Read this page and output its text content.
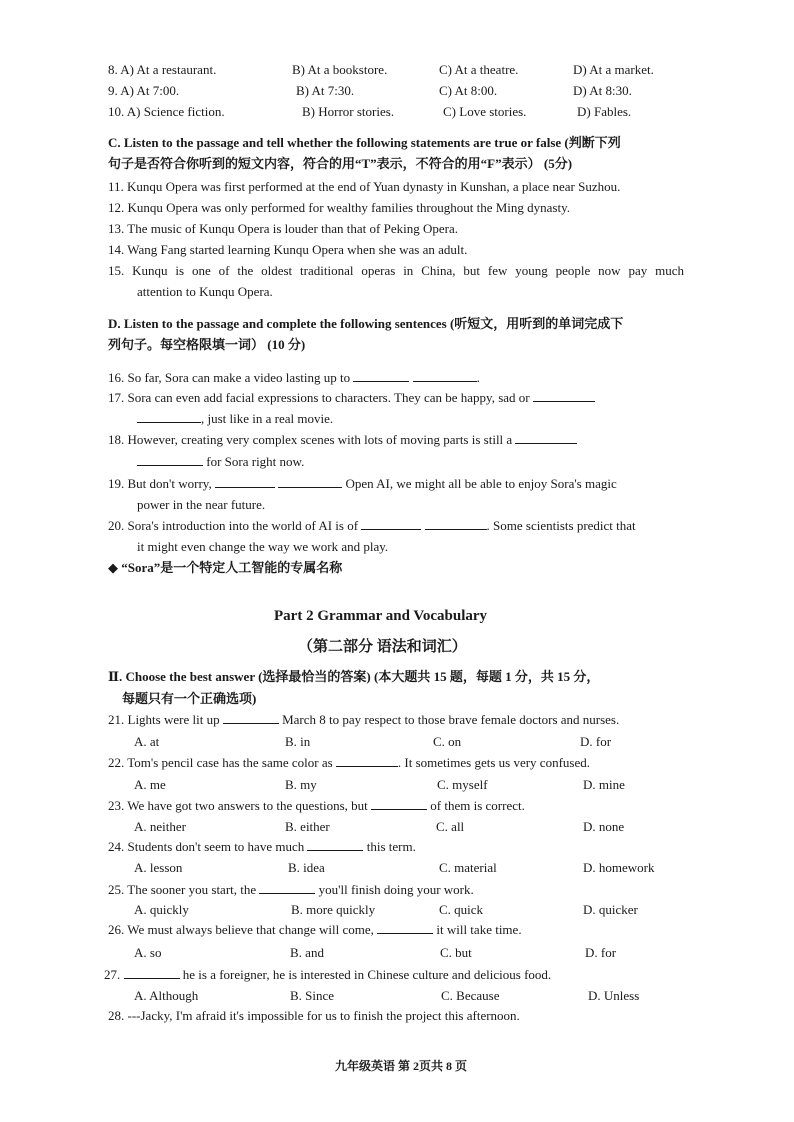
8. A) At a restaurant.	B) At a bookstore.	C) At a theatre.	D) At a market.
9. A) At 7:00.	B) At 7:30.	C) At 8:00.	D) At 8:30.
10. A) Science fiction.	B) Horror stories.	C) Love stories.	D) Fables.
C. Listen to the passage and tell whether the following statements are true or false (判断下列
句子是否符合你听到的短文内容，符合的用“T”表示，不符合的用“F”表示） (5分)
11. Kunqu Opera was first performed at the end of Yuan dynasty in Kunshan, a place near Suzhou.
12. Kunqu Opera was only performed for wealthy families throughout the Ming dynasty.
13. The music of Kunqu Opera is louder than that of Peking Opera.
14. Wang Fang started learning Kunqu Opera when she was an adult.
15. Kunqu is one of the oldest traditional operas in China, but few young people now pay much
attention to Kunqu Opera.
D. Listen to the passage and complete the following sentences (听短文，用听到的单词完成下
列句子。每空格限填一词） (10 分)
16. So far, Sora can make a video lasting up to	.
17. Sora can even add facial expressions to characters. They can be happy, sad or
, just like in a real movie.
18. However, creating very complex scenes with lots of moving parts is still a
for Sora right now.
19. But don't worry,	Open AI, we might all be able to enjoy Sora's magic
power in the near future.
20. Sora's introduction into the world of AI is of	. Some scientists predict that
it might even change the way we work and play.
◆ “Sora”是一个特定人工智能的专属名称
Part 2 Grammar and Vocabulary
（第二部分 语法和词汇）
Ⅱ. Choose the best answer (选择最恰当的答案) (本大题共 15 题，每题 1 分，共 15 分，
每题只有一个正确选项)
21. Lights were lit up	March 8 to pay respect to those brave female doctors and nurses.
A. at	B. in	C. on	D. for
22. Tom's pencil case has the same color as	. It sometimes gets us very confused.
A. me	B. my	C. myself	D. mine
23. We have got two answers to the questions, but	of them is correct.
A. neither	B. either	C. all	D. none
24. Students don't seem to have much	this term.
A. lesson	B. idea	C. material	D. homework
25. The sooner you start, the	you'll finish doing your work.
A. quickly	B. more quickly	C. quick	D. quicker
26. We must always believe that change will come,	it will take time.
A. so	B. and	C. but	D. for
27.	he is a foreigner, he is interested in Chinese culture and delicious food.
A. Although	B. Since	C. Because	D. Unless
28. ---Jacky, I'm afraid it's impossible for us to finish the project this afternoon.
九年级英语 第 2页共 8 页
